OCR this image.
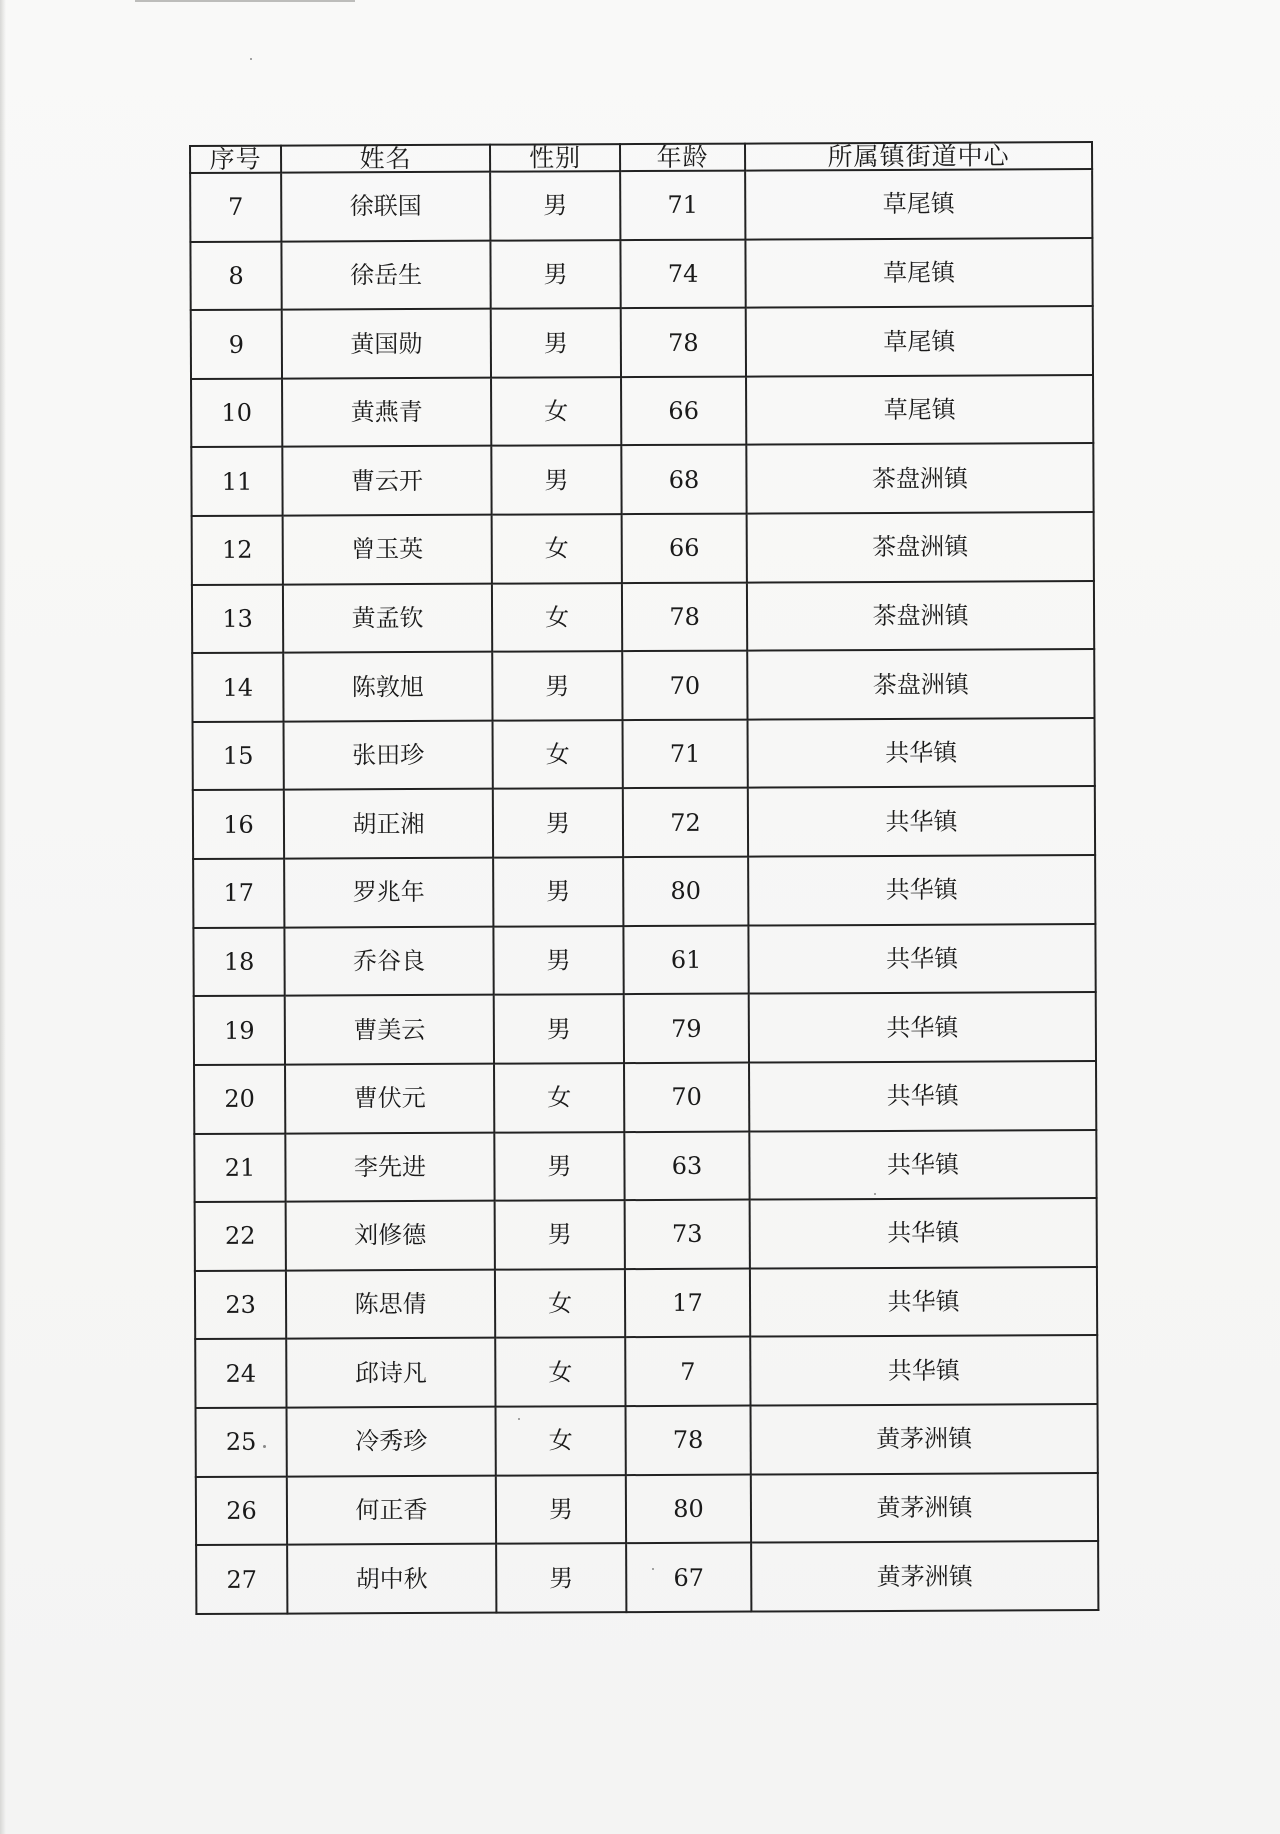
序号	姓名	性别	年龄	所属镇街道中心
7	徐联国	男	71	草尾镇
8	徐岳生	男	74	草尾镇
9	黄国勋	男	78	草尾镇
10	黄燕青	女	66	草尾镇
11	曹云开	男	68	茶盘洲镇
12	曾玉英	女	66	茶盘洲镇
13	黄孟钦	女	78	茶盘洲镇
14	陈敦旭	男	70	茶盘洲镇
15	张田珍	女	71	共华镇
16	胡正湘	男	72	共华镇
17	罗兆年	男	80	共华镇
18	乔谷良	男	61	共华镇
19	曹美云	男	79	共华镇
20	曹伏元	女	70	共华镇
21	李先进	男	63	共华镇
22	刘修德	男	73	共华镇
23	陈思倩	女	17	共华镇
24	邱诗凡	女	7	共华镇
25	冷秀珍	女	78	黄茅洲镇
26	何正香	男	80	黄茅洲镇
27	胡中秋	男	67	黄茅洲镇
